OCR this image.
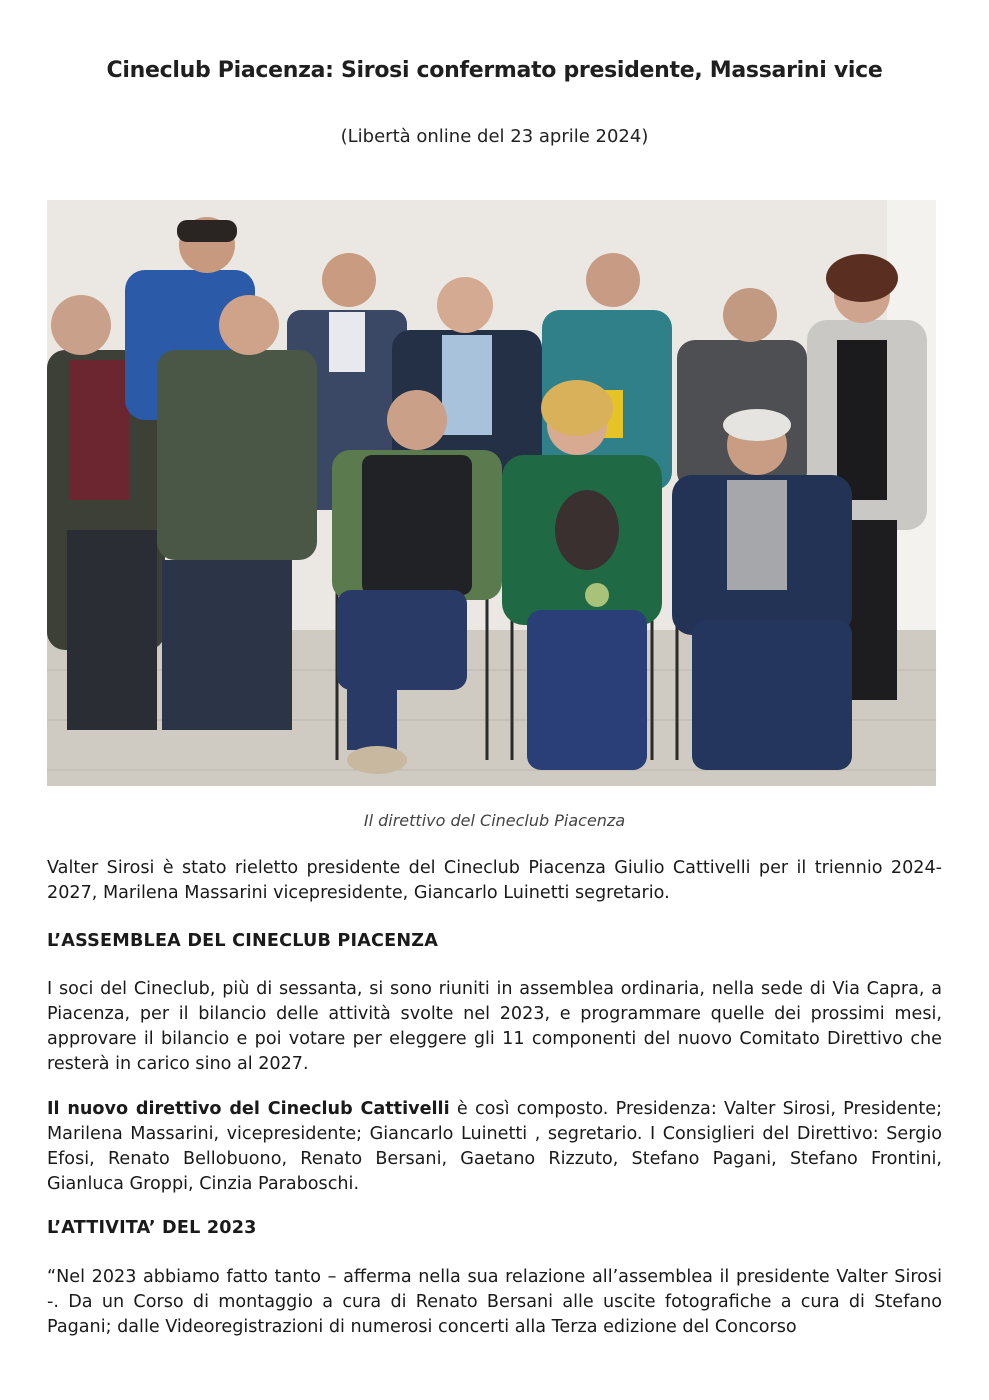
Cineclub Piacenza: Sirosi confermato presidente, Massarini vice
(Libertà online del 23 aprile 2024)
Il direttivo del Cineclub Piacenza
Valter Sirosi è stato rieletto presidente del Cineclub Piacenza Giulio Cattivelli per il triennio 2024-2027, Marilena Massarini vicepresidente, Giancarlo Luinetti segretario.
L’ASSEMBLEA DEL CINECLUB PIACENZA
I soci del Cineclub, più di sessanta, si sono riuniti in assemblea ordinaria, nella sede di Via Capra, a Piacenza, per il bilancio delle attività svolte nel 2023, e programmare quelle dei prossimi mesi, approvare il bilancio e poi votare per eleggere gli 11 componenti del nuovo Comitato Direttivo che resterà in carico sino al 2027.
Il nuovo direttivo del Cineclub Cattivelli è così composto. Presidenza: Valter Sirosi, Presidente; Marilena Massarini, vicepresidente; Giancarlo Luinetti , segretario. I Consiglieri del Direttivo: Sergio Efosi, Renato Bellobuono, Renato Bersani, Gaetano Rizzuto, Stefano Pagani, Stefano Frontini, Gianluca Groppi, Cinzia Paraboschi.
L’ATTIVITA’ DEL 2023
“Nel 2023 abbiamo fatto tanto – afferma nella sua relazione all’assemblea il presidente Valter Sirosi -. Da un Corso di montaggio a cura di Renato Bersani alle uscite fotografiche a cura di Stefano Pagani; dalle Videoregistrazioni di numerosi concerti alla Terza edizione del Concorso
